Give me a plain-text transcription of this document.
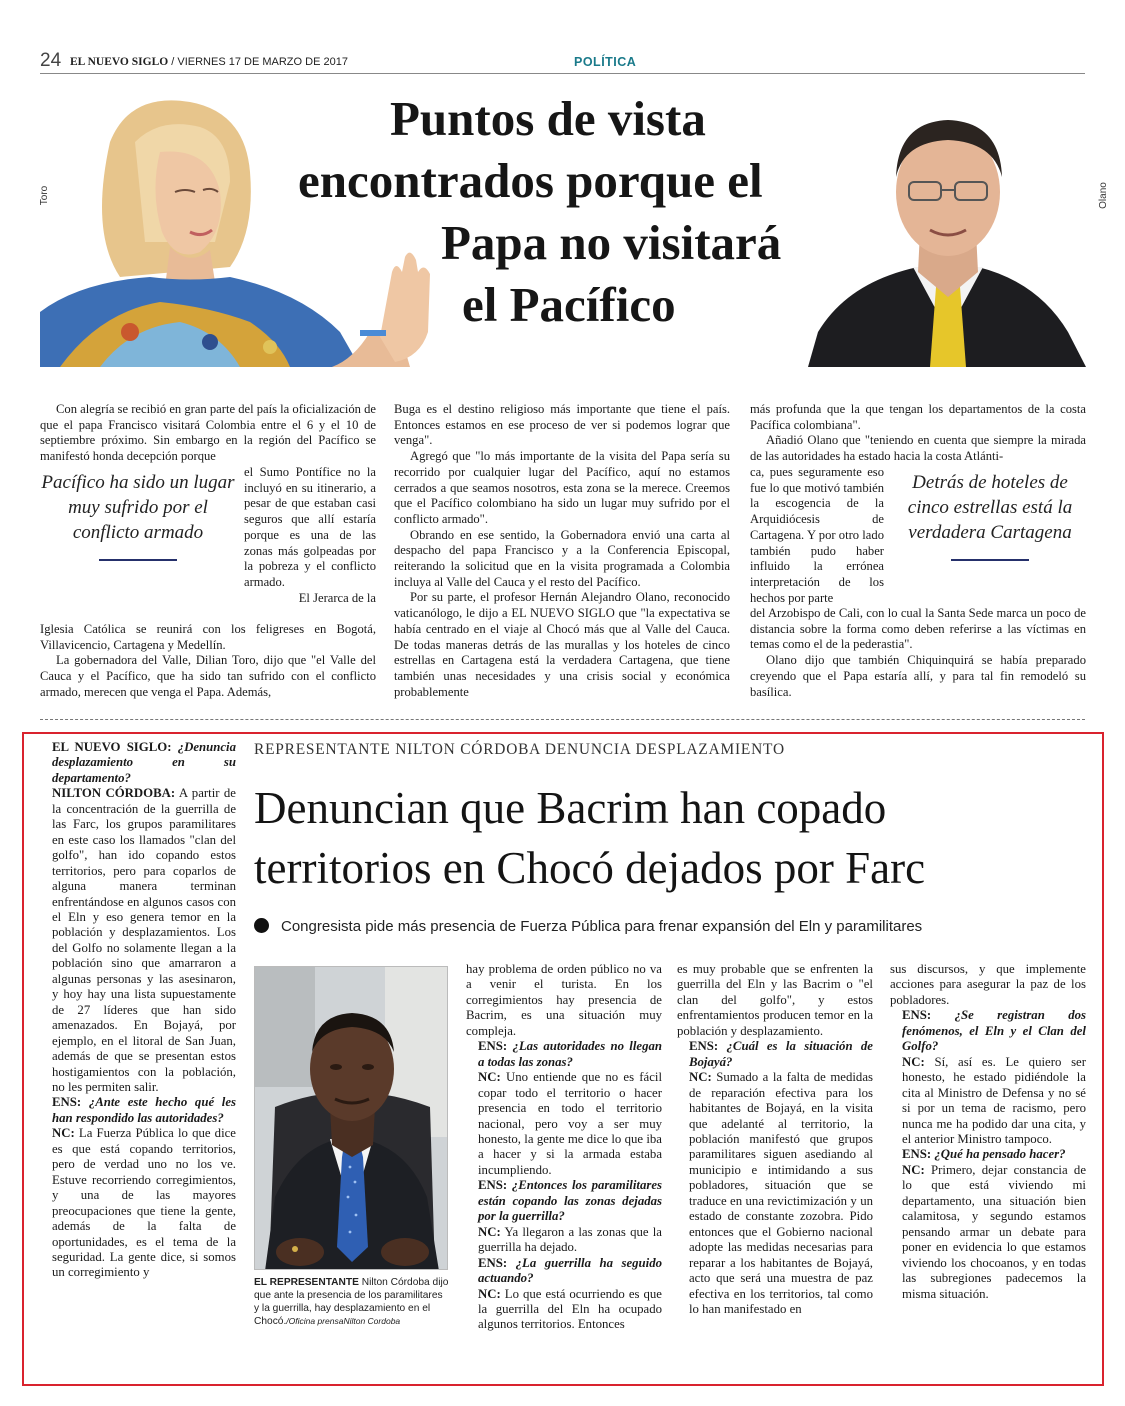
24 EL NUEVO SIGLO / VIERNES 17 DE MARZO DE 2017	POLÍTICA
Toro	Olano
Puntos de vista
encontrados porque el
Papa no visitará
el Pacífico

Con alegría se recibió en gran parte del país la oficialización de que el papa Francisco visitará Colombia entre el 6 y el 10 de septiembre próximo. Sin embargo en la región del Pacífico se manifestó honda decepción porque

Pacífico ha sido un lugar muy sufrido por el conflicto armado

el Sumo Pontífice no la incluyó en su itinerario, a pesar de que estaban casi seguros que allí estaría porque es una de las zonas más golpeadas por la pobreza y el conflicto armado.

El Jerarca de la

Iglesia Católica se reunirá con los feligreses en Bogotá, Villavicencio, Cartagena y Medellín.

La gobernadora del Valle, Dilian Toro, dijo que "el Valle del Cauca y el Pacífico, que ha sido tan sufrido con el conflicto armado, merecen que venga el Papa. Además,

Buga es el destino religioso más importante que tiene el país. Entonces estamos en ese proceso de ver si podemos lograr que venga".

Agregó que "lo más importante de la visita del Papa sería su recorrido por cualquier lugar del Pacífico, aquí no estamos cerrados a que seamos nosotros, esta zona se la merece. Creemos que el Pacífico colombiano ha sido un lugar muy sufrido por el conflicto armado".

Obrando en ese sentido, la Gobernadora envió una carta al despacho del papa Francisco y a la Conferencia Episcopal, reiterando la solicitud que en la visita programada a Colombia incluya al Valle del Cauca y el resto del Pacífico.

Por su parte, el profesor Hernán Alejandro Olano, reconocido vaticanólogo, le dijo a EL NUEVO SIGLO que "la expectativa se había centrado en el viaje al Chocó más que al Valle del Cauca. De todas maneras detrás de las murallas y los hoteles de cinco estrellas en Cartagena está la verdadera Cartagena, que tiene también unas necesidades y una crisis social y económica probablemente

más profunda que la que tengan los departamentos de la costa Pacífica colombiana".

Añadió Olano que "teniendo en cuenta que siempre la mirada de las autoridades ha estado hacia la costa Atlánti-

ca, pues seguramente eso fue lo que motivó también la escogencia de la Arquidiócesis de Cartagena. Y por otro lado también pudo haber influido la errónea interpretación de los hechos por parte

Detrás de hoteles de cinco estrellas está la verdadera Cartagena

del Arzobispo de Cali, con lo cual la Santa Sede marca un poco de distancia sobre la forma como deben referirse a las víctimas en temas como el de la pederastia".

Olano dijo que también Chiquinquirá se había preparado creyendo que el Papa estaría allí, y para tal fin remodeló su basílica.

REPRESENTANTE NILTON CÓRDOBA DENUNCIA DESPLAZAMIENTO
Denuncian que Bacrim han copado
territorios en Chocó dejados por Farc
Congresista pide más presencia de Fuerza Pública para frenar expansión del Eln y paramilitares

EL NUEVO SIGLO: ¿Denuncia desplazamiento en su departamento?

NILTON CÓRDOBA: A partir de la concentración de la guerrilla de las Farc, los grupos paramilitares en este caso los llamados "clan del golfo", han ido copando estos territorios, pero para coparlos de alguna manera terminan enfrentándose en algunos casos con el Eln y eso genera temor en la población y desplazamientos. Los del Golfo no solamente llegan a la población sino que amarraron a algunas personas y las asesinaron, y hoy hay una lista supuestamente de 27 líderes que han sido amenazados. En Bojayá, por ejemplo, en el litoral de San Juan, además de que se presentan estos hostigamientos con la población, no les permiten salir.

ENS: ¿Ante este hecho qué les han respondido las autoridades?

NC: La Fuerza Pública lo que dice es que está copando territorios, pero de verdad uno no los ve. Estuve recorriendo corregimientos, y una de las mayores preocupaciones que tiene la gente, además de la falta de oportunidades, es el tema de la seguridad. La gente dice, si somos un corregimiento y

EL REPRESENTANTE Nilton Córdoba dijo que ante la presencia de los paramilitares y la guerrilla, hay desplazamiento en el Chocó./Oficina prensaNilton Cordoba

hay problema de orden público no va a venir el turista. En los corregimientos hay presencia de Bacrim, es una situación muy compleja.

ENS: ¿Las autoridades no llegan a todas las zonas?

NC: Uno entiende que no es fácil copar todo el territorio o hacer presencia en todo el territorio nacional, pero voy a ser muy honesto, la gente me dice lo que iba a hacer y si la armada estaba incumpliendo.

ENS: ¿Entonces los paramilitares están copando las zonas dejadas por la guerrilla?

NC: Ya llegaron a las zonas que la guerrilla ha dejado.

ENS: ¿La guerrilla ha seguido actuando?

NC: Lo que está ocurriendo es que la guerrilla del Eln ha ocupado algunos territorios. Entonces

es muy probable que se enfrenten la guerrilla del Eln y las Bacrim o "el clan del golfo", y estos enfrentamientos producen temor en la población y desplazamiento.

ENS: ¿Cuál es la situación de Bojayá?

NC: Sumado a la falta de medidas de reparación efectiva para los habitantes de Bojayá, en la visita que adelanté al territorio, la población manifestó que grupos paramilitares siguen asediando al municipio e intimidando a sus pobladores, situación que se traduce en una revictimización y un estado de constante zozobra. Pido entonces que el Gobierno nacional adopte las medidas necesarias para reparar a los habitantes de Bojayá, acto que será una muestra de paz efectiva en los territorios, tal como lo han manifestado en

sus discursos, y que implemente acciones para asegurar la paz de los pobladores.

ENS: ¿Se registran dos fenómenos, el Eln y el Clan del Golfo?

NC: Sí, así es. Le quiero ser honesto, he estado pidiéndole la cita al Ministro de Defensa y no sé si por un tema de racismo, pero nunca me ha podido dar una cita, y el anterior Ministro tampoco.

ENS: ¿Qué ha pensado hacer?

NC: Primero, dejar constancia de lo que está viviendo mi departamento, una situación bien calamitosa, y segundo estamos pensando armar un debate para poner en evidencia lo que estamos viviendo los chocoanos, y en todas las subregiones padecemos la misma situación.
